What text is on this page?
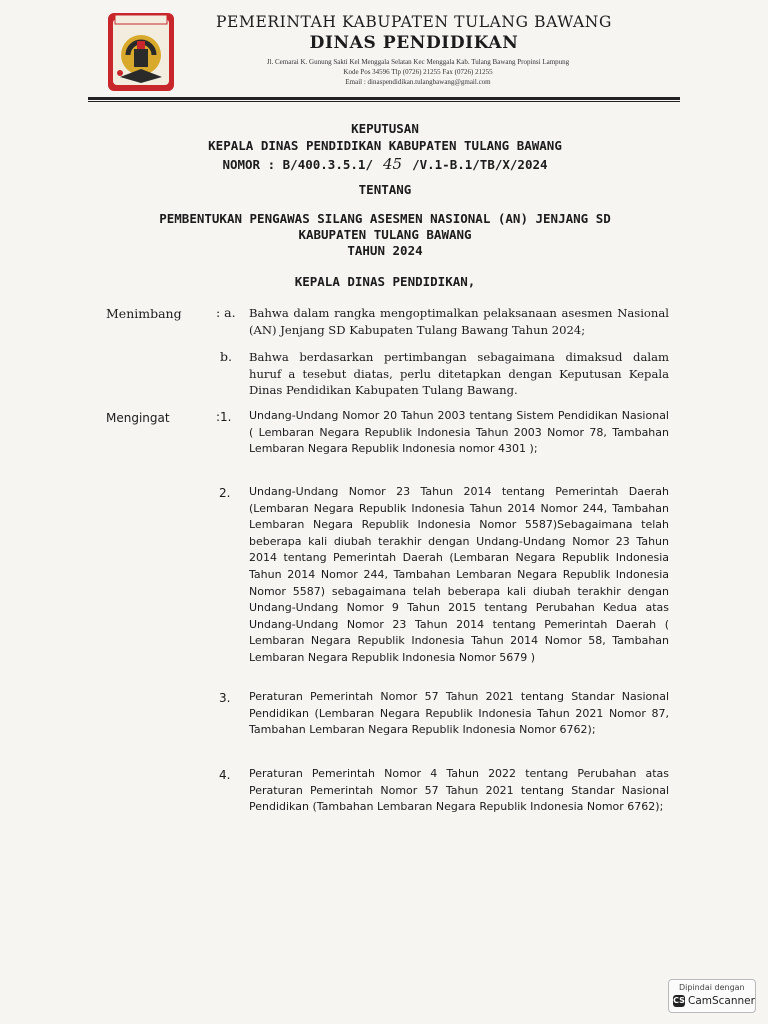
PEMERINTAH KABUPATEN TULANG BAWANG
DINAS PENDIDIKAN
Jl. Cemarai K. Gunung Sakti Kel Menggala Selatan Kec Menggala Kab. Tulang Bawang Propinsi Lampung
Kode Pos 34596 Tlp (0726) 21255 Fax (0726) 21255
Email : dinaspendidikan.tulangbawang@gmail.com
KEPUTUSAN
KEPALA DINAS PENDIDIKAN KABUPATEN TULANG BAWANG
NOMOR : B/400.3.5.1/ 45 /V.1-B.1/TB/X/2024
TENTANG
PEMBENTUKAN PENGAWAS SILANG ASESMEN NASIONAL (AN) JENJANG SD
KABUPATEN TULANG BAWANG
TAHUN 2024
KEPALA DINAS PENDIDIKAN,
Menimbang	: a. Bahwa dalam rangka mengoptimalkan pelaksanaan asesmen Nasional (AN) Jenjang SD Kabupaten Tulang Bawang Tahun 2024;
b. Bahwa berdasarkan pertimbangan sebagaimana dimaksud dalam huruf a tesebut diatas, perlu ditetapkan dengan Keputusan Kepala Dinas Pendidikan Kabupaten Tulang Bawang.
Mengingat	:1. Undang-Undang Nomor 20 Tahun 2003 tentang Sistem Pendidikan Nasional ( Lembaran Negara Republik Indonesia Tahun 2003 Nomor 78, Tambahan Lembaran Negara Republik Indonesia nomor 4301 );
2. Undang-Undang Nomor 23 Tahun 2014 tentang Pemerintah Daerah (Lembaran Negara Republik Indonesia Tahun 2014 Nomor 244, Tambahan Lembaran Negara Republik Indonesia Nomor 5587)Sebagaimana telah beberapa kali diubah terakhir dengan Undang-Undang Nomor 23 Tahun 2014 tentang Pemerintah Daerah (Lembaran Negara Republik Indonesia Tahun 2014 Nomor 244, Tambahan Lembaran Negara Republik Indonesia Nomor 5587) sebagaimana telah beberapa kali diubah terakhir dengan Undang-Undang Nomor 9 Tahun 2015 tentang Perubahan Kedua atas Undang-Undang Nomor 23 Tahun 2014 tentang Pemerintah Daerah ( Lembaran Negara Republik Indonesia Tahun 2014 Nomor 58, Tambahan Lembaran Negara Republik Indonesia Nomor 5679 )
3. Peraturan Pemerintah Nomor 57 Tahun 2021 tentang Standar Nasional Pendidikan (Lembaran Negara Republik Indonesia Tahun 2021 Nomor 87, Tambahan Lembaran Negara Republik Indonesia Nomor 6762);
4. Peraturan Pemerintah Nomor 4 Tahun 2022 tentang Perubahan atas Peraturan Pemerintah Nomor 57 Tahun 2021 tentang Standar Nasional Pendidikan (Tambahan Lembaran Negara Republik Indonesia Nomor 6762);
Dipindai dengan
CS CamScanner
